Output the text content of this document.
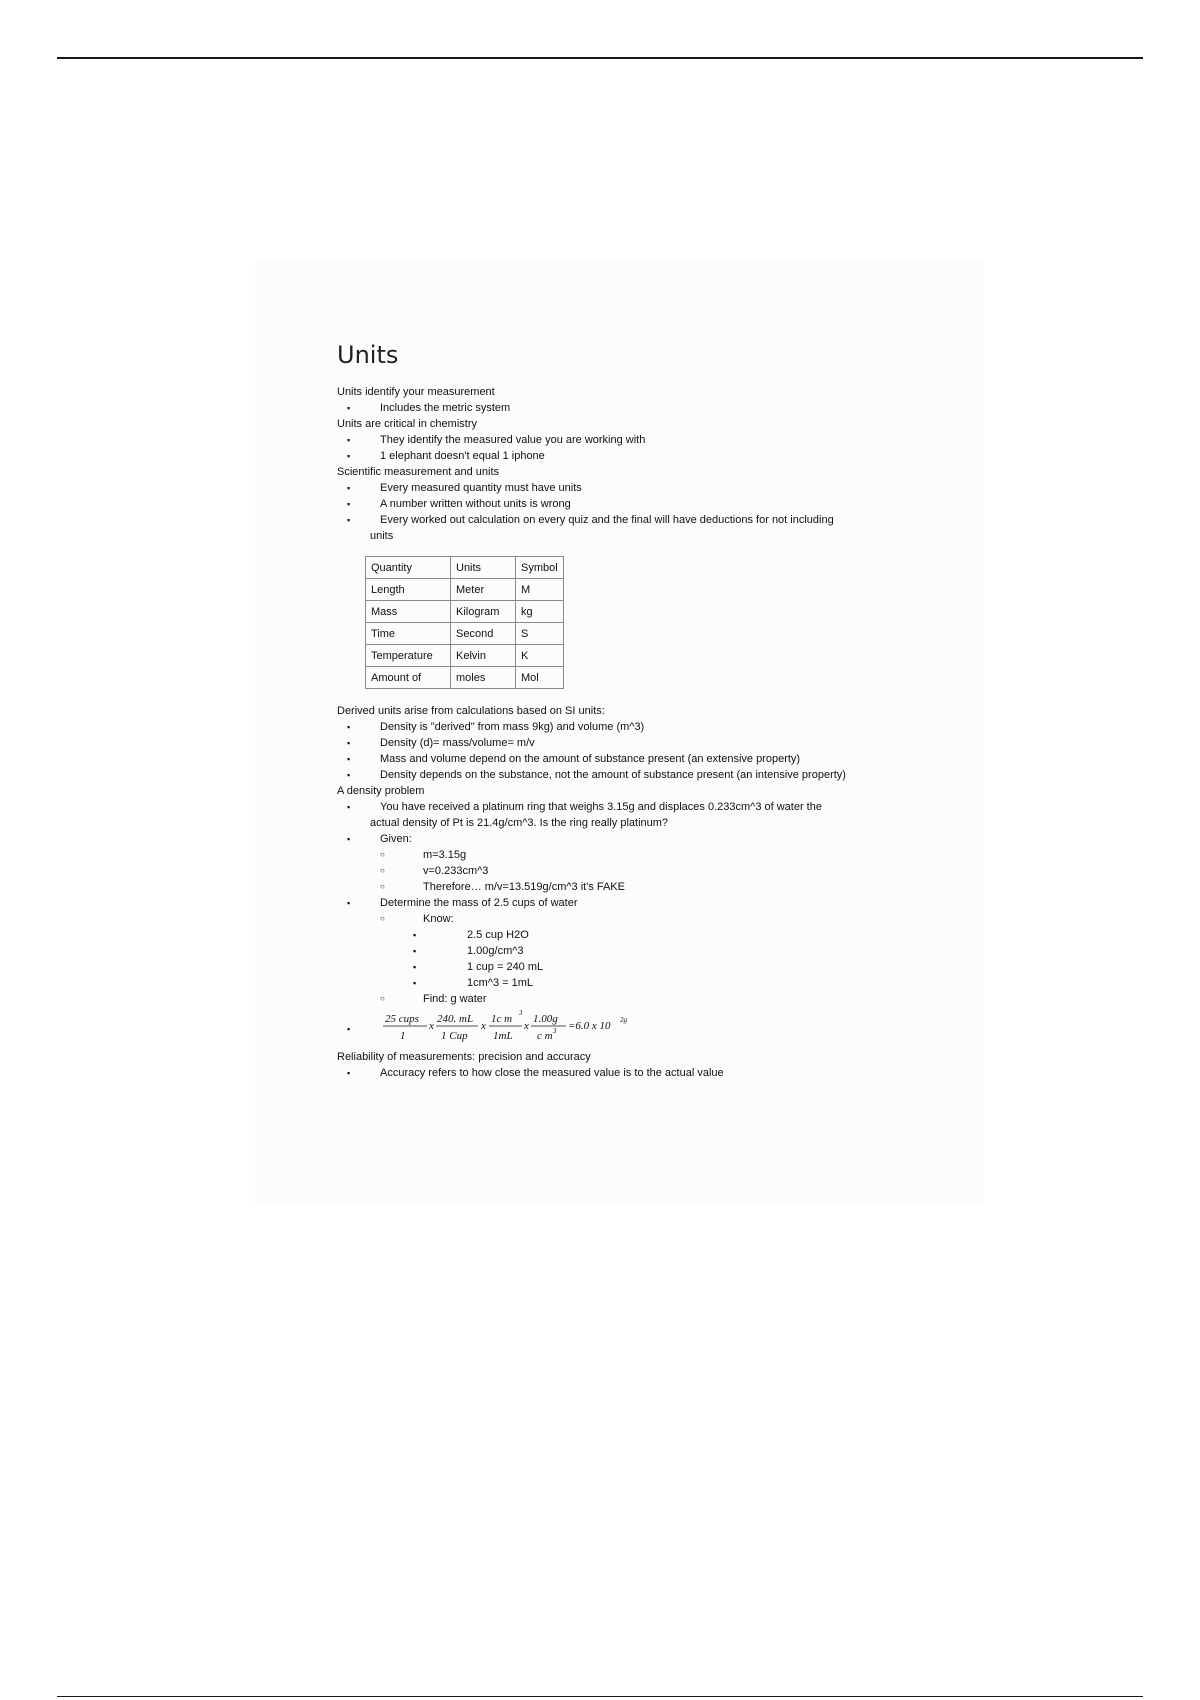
Units

Units identify your measurement

▪	Includes the metric system

Units are critical in chemistry

▪	They identify the measured value you are working with

▪	1 elephant doesn't equal 1 iphone

Scientific measurement and units

▪	Every measured quantity must have units

▪	A number written without units is wrong

▪	Every worked out calculation on every quiz and the final will have deductions for not including

units

Quantity	Units	Symbol
Length	Meter	M
Mass	Kilogram	kg
Time	Second	S
Temperature	Kelvin	K
Amount of	moles	Mol

Derived units arise from calculations based on SI units:

▪	Density is "derived" from mass 9kg) and volume (m^3)

▪	Density (d)= mass/volume= m/v

▪	Mass and volume depend on the amount of substance present (an extensive property)

▪	Density depends on the substance, not the amount of substance present (an intensive property)

A density problem

▪	You have received a platinum ring that weighs 3.15g and displaces 0.233cm^3 of water the

actual density of Pt is 21.4g/cm^3. Is the ring really platinum?

▪	Given:

○	m=3.15g

○	v=0.233cm^3

○	Therefore… m/v=13.519g/cm^3 it's FAKE

▪	Determine the mass of 2.5 cups of water

○	Know:

▪	2.5 cup H2O

▪	1.00g/cm^3

▪	1 cup = 240 mL

▪	1cm^3 = 1mL

○	Find: g water

▪
25 cups
1
x
240. mL
1 Cup
x
1c m 3
1mL
x
1.00g
c m 3 =6.0 x 10 2g

Reliability of measurements: precision and accuracy

▪	Accuracy refers to how close the measured value is to the actual value
